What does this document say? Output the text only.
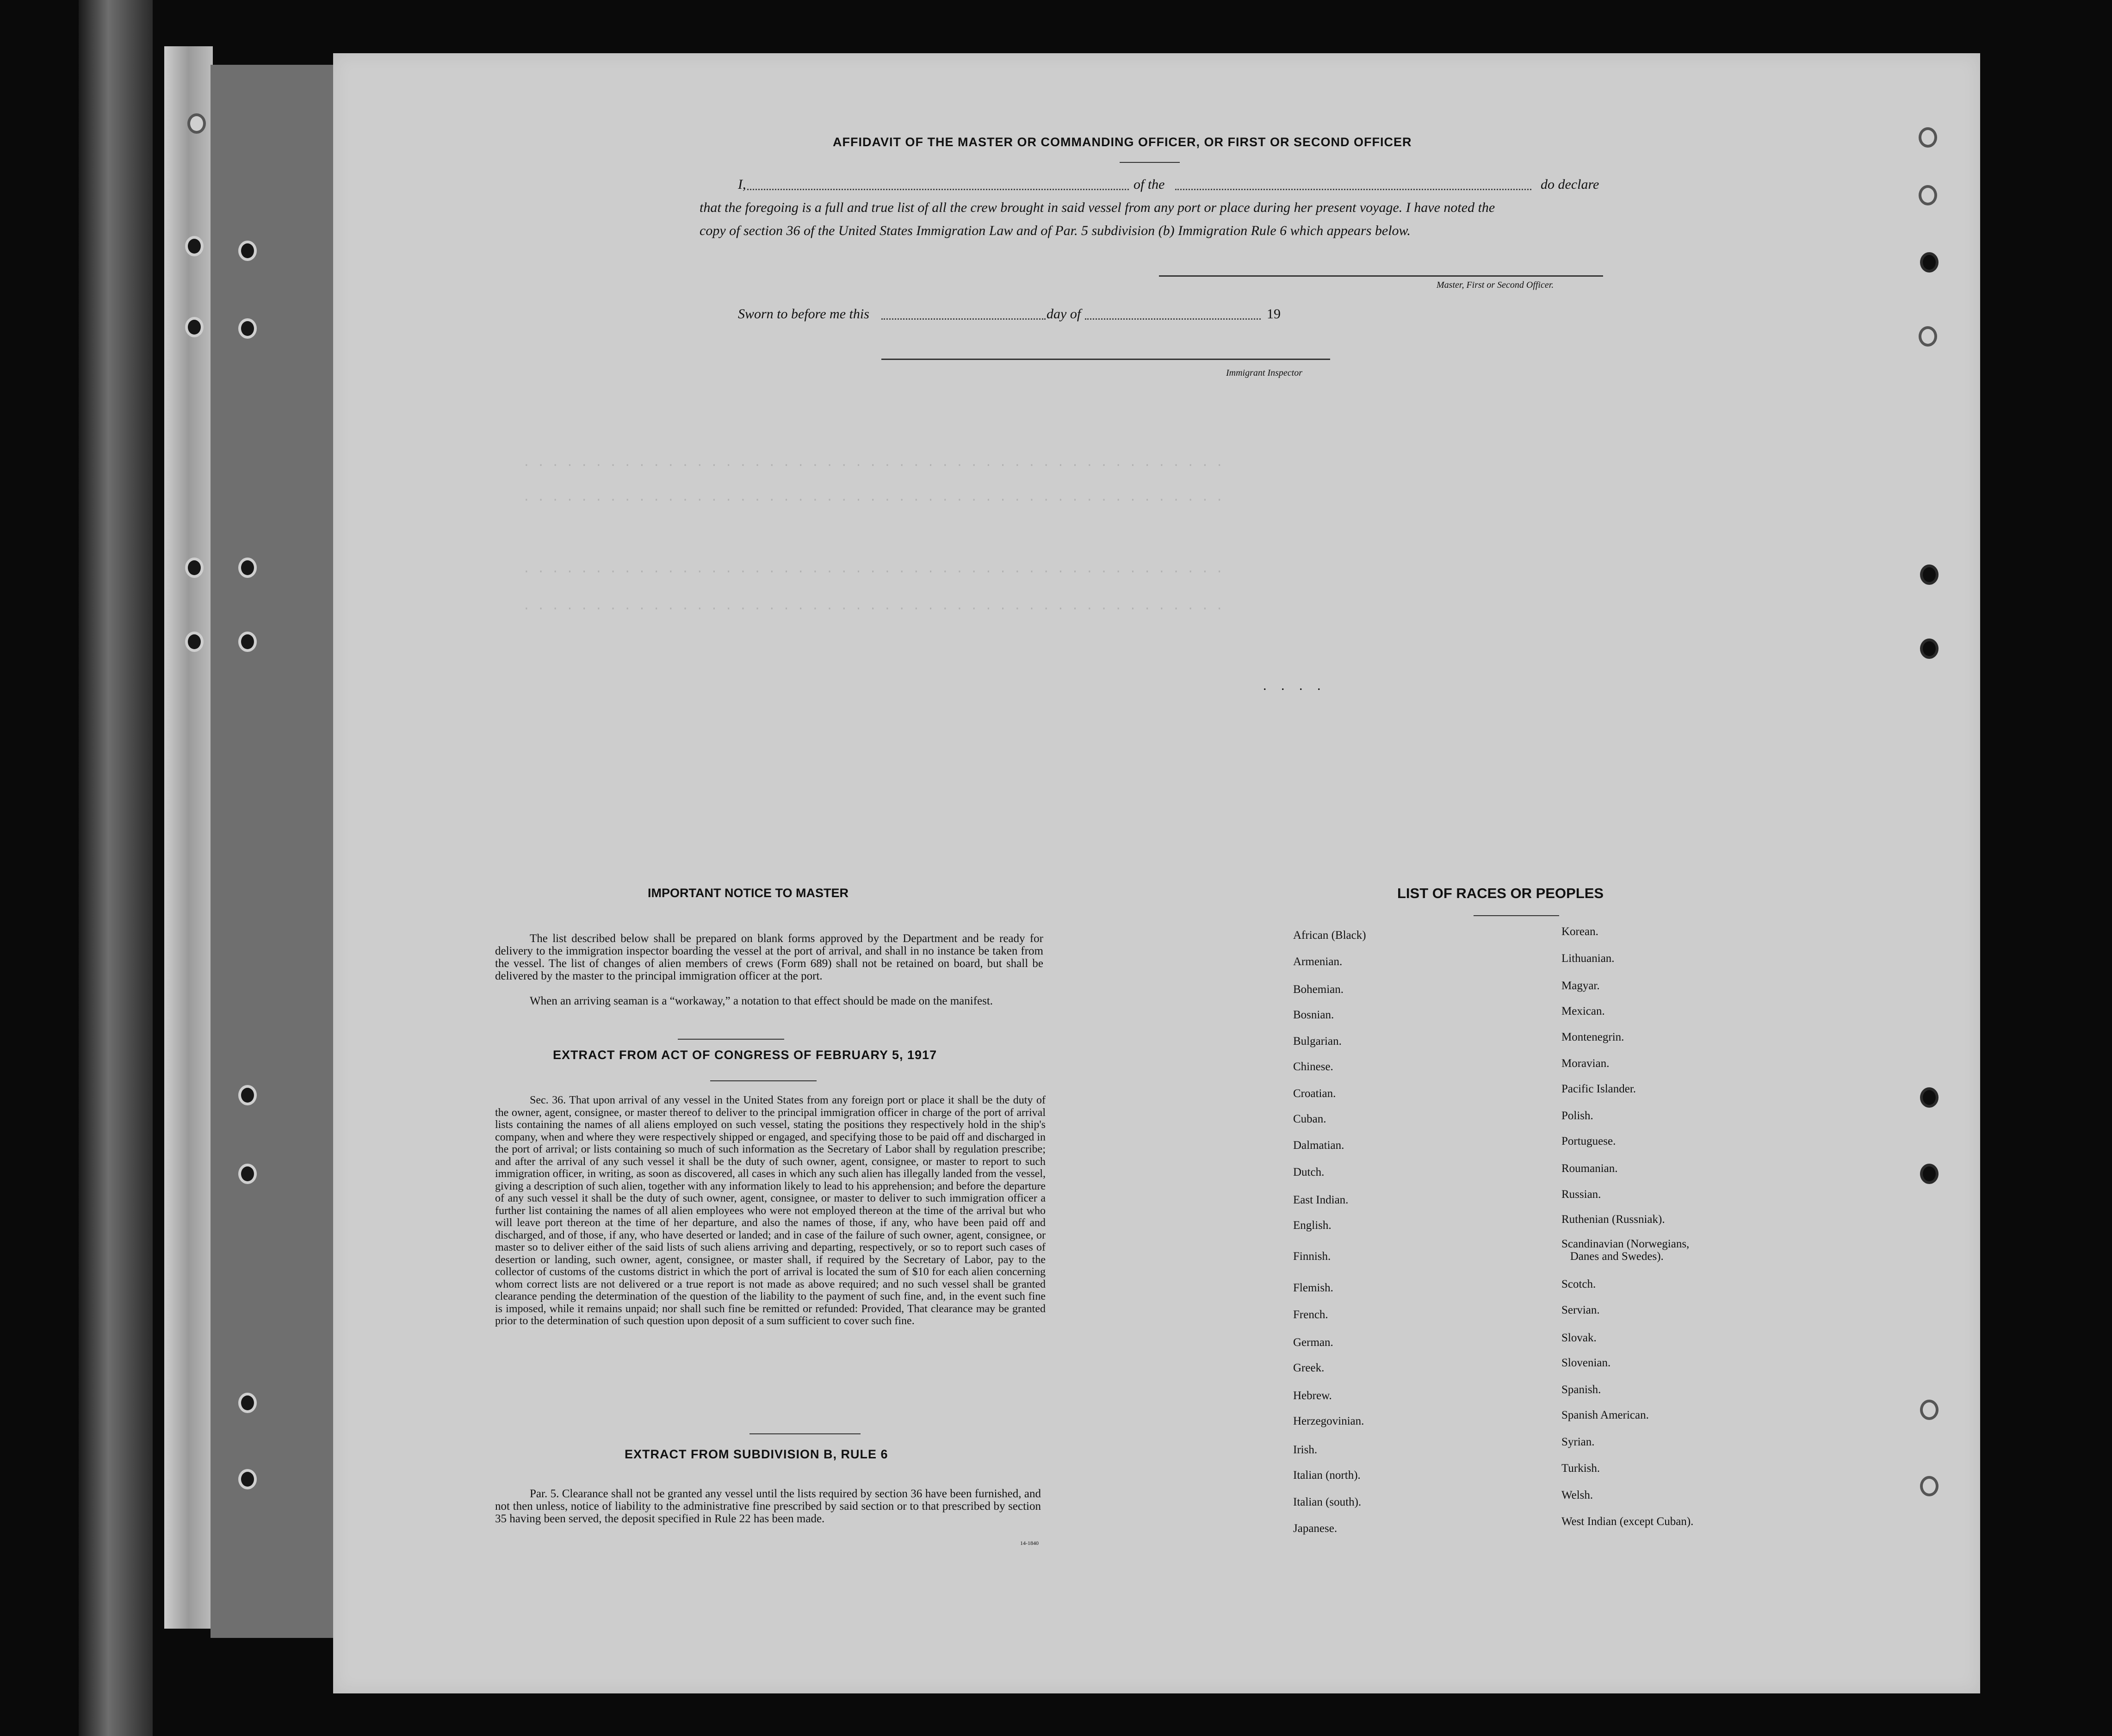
. . . . . . . . . . . . . . . . . . . . . . . . . . . . . . . . . . . . . . . . . . . . . . . . .
. . . . . . . . . . . . . . . . . . . . . . . . . . . . . . . . . . . . . . . . . . . . . . . . .
. . . . . . . . . . . . . . . . . . . . . . . . . . . . . . . . . . . . . . . . . . . . . . . . .
. . . . . . . . . . . . . . . . . . . . . . . . . . . . . . . . . . . . . . . . . . . . . . . . .
AFFIDAVIT OF THE MASTER OR COMMANDING OFFICER, OR FIRST OR SECOND OFFICER
I,	of the	do declare
that the foregoing is a full and true list of all the crew brought in said vessel from any port or place during her present voyage. I have noted the
copy of section 36 of the United States Immigration Law and of Par. 5 subdivision (b) Immigration Rule 6 which appears below.
Master, First or Second Officer.
Sworn to before me this	day of	19
Immigrant Inspector
. . . .
IMPORTANT NOTICE TO MASTER
The list described below shall be prepared on blank forms approved by the Department and be ready for delivery to the immigration inspector boarding the vessel at the port of arrival, and shall in no instance be taken from the vessel. The list of changes of alien members of crews (Form 689) shall not be retained on board, but shall be delivered by the master to the principal immigration officer at the port.
When an arriving seaman is a “workaway,” a notation to that effect should be made on the manifest.
EXTRACT FROM ACT OF CONGRESS OF FEBRUARY 5, 1917
Sec. 36. That upon arrival of any vessel in the United States from any foreign port or place it shall be the duty of the owner, agent, consignee, or master thereof to deliver to the principal immigration officer in charge of the port of arrival lists containing the names of all aliens employed on such vessel, stating the positions they respectively hold in the ship's company, when and where they were respectively shipped or engaged, and specifying those to be paid off and discharged in the port of arrival; or lists containing so much of such information as the Secretary of Labor shall by regulation prescribe; and after the arrival of any such vessel it shall be the duty of such owner, agent, consignee, or master to report to such immigration officer, in writing, as soon as discovered, all cases in which any such alien has illegally landed from the vessel, giving a description of such alien, together with any information likely to lead to his apprehension; and before the departure of any such vessel it shall be the duty of such owner, agent, consignee, or master to deliver to such immigration officer a further list containing the names of all alien employees who were not employed thereon at the time of the arrival but who will leave port thereon at the time of her departure, and also the names of those, if any, who have been paid off and discharged, and of those, if any, who have deserted or landed; and in case of the failure of such owner, agent, consignee, or master so to deliver either of the said lists of such aliens arriving and departing, respectively, or so to report such cases of desertion or landing, such owner, agent, consignee, or master shall, if required by the Secretary of Labor, pay to the collector of customs of the customs district in which the port of arrival is located the sum of $10 for each alien concerning whom correct lists are not delivered or a true report is not made as above required; and no such vessel shall be granted clearance pending the determination of the question of the liability to the payment of such fine, and, in the event such fine is imposed, while it remains unpaid; nor shall such fine be remitted or refunded: Provided, That clearance may be granted prior to the determination of such question upon deposit of a sum sufficient to cover such fine.
EXTRACT FROM SUBDIVISION B, RULE 6
Par. 5. Clearance shall not be granted any vessel until the lists required by section 36 have been furnished, and not then unless, notice of liability to the administrative fine prescribed by said section or to that prescribed by section 35 having been served, the deposit specified in Rule 22 has been made.
14-1840
LIST OF RACES OR PEOPLES
African (Black)
Armenian.
Bohemian.
Bosnian.
Bulgarian.
Chinese.
Croatian.
Cuban.
Dalmatian.
Dutch.
East Indian.
English.
Finnish.
Flemish.
French.
German.
Greek.
Hebrew.
Herzegovinian.
Irish.
Italian (north).
Italian (south).
Japanese.
Korean.
Lithuanian.
Magyar.
Mexican.
Montenegrin.
Moravian.
Pacific Islander.
Polish.
Portuguese.
Roumanian.
Russian.
Ruthenian (Russniak).
Scandinavian (Norwegians,
Danes and Swedes).
Scotch.
Servian.
Slovak.
Slovenian.
Spanish.
Spanish American.
Syrian.
Turkish.
Welsh.
West Indian (except Cuban).
